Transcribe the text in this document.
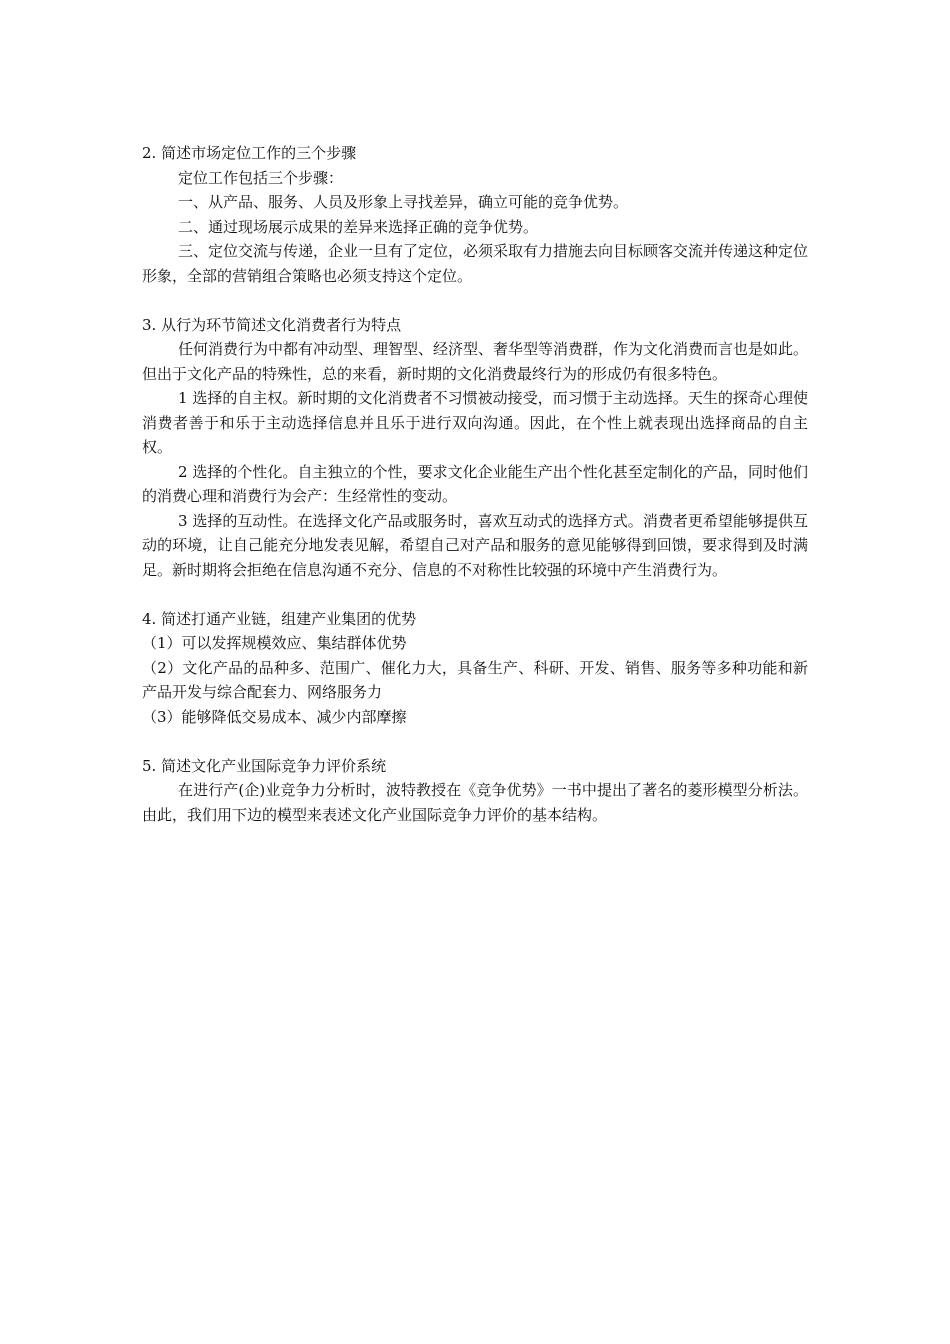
2. 简述市场定位工作的三个步骤

定位工作包括三个步骤：

一、从产品、服务、人员及形象上寻找差异，确立可能的竞争优势。

二、通过现场展示成果的差异来选择正确的竞争优势。

三、定位交流与传递，企业一旦有了定位，必须采取有力措施去向目标顾客交流并传递这种定位形象，全部的营销组合策略也必须支持这个定位。

3. 从行为环节简述文化消费者行为特点

任何消费行为中都有冲动型、理智型、经济型、奢华型等消费群，作为文化消费而言也是如此。但出于文化产品的特殊性，总的来看，新时期的文化消费最终行为的形成仍有很多特色。

1 选择的自主权。新时期的文化消费者不习惯被动接受，而习惯于主动选择。天生的探奇心理使消费者善于和乐于主动选择信息并且乐于进行双向沟通。因此，在个性上就表现出选择商品的自主权。

2 选择的个性化。自主独立的个性，要求文化企业能生产出个性化甚至定制化的产品，同时他们的消费心理和消费行为会产：生经常性的变动。

3 选择的互动性。在选择文化产品或服务时，喜欢互动式的选择方式。消费者更希望能够提供互动的环境，让自己能充分地发表见解，希望自己对产品和服务的意见能够得到回馈，要求得到及时满足。新时期将会拒绝在信息沟通不充分、信息的不对称性比较强的环境中产生消费行为。

4. 简述打通产业链，组建产业集团的优势

（1）可以发挥规模效应、集结群体优势

（2）文化产品的品种多、范围广、催化力大，具备生产、科研、开发、销售、服务等多种功能和新产品开发与综合配套力、网络服务力

（3）能够降低交易成本、减少内部摩擦

5. 简述文化产业国际竞争力评价系统

在进行产(企)业竞争力分析时，波特教授在《竞争优势》一书中提出了著名的菱形模型分析法。由此，我们用下边的模型来表述文化产业国际竞争力评价的基本结构。
